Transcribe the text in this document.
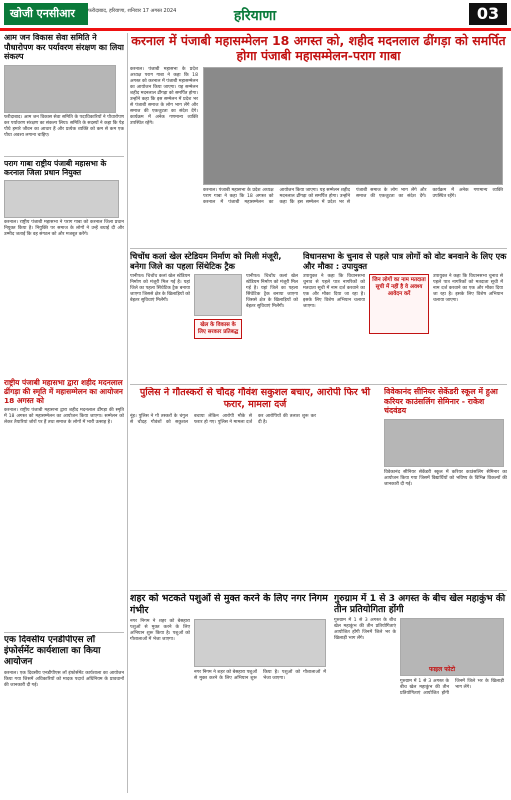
खोजी एनसीआर	फरीदाबाद, हरियाणा, शनिवार 17 अगस्त 2024	हरियाणा	03
आम जन विकास सेवा समिति ने पौधारोपण कर पर्यावरण संरक्षण का लिया संकल्प
फरीदाबाद। आम जन विकास सेवा समिति के पदाधिकारियों ने पौधारोपण कर पर्यावरण संरक्षण का संकल्प लिया। समिति के सदस्यों ने कहा कि पेड़ पौधे हमारे जीवन का आधार हैं और प्रत्येक व्यक्ति को कम से कम एक पौधा अवश्य लगाना चाहिए।
करनाल में पंजाबी महासम्मेलन 18 अगस्त को, शहीद मदनलाल ढींगड़ा को समर्पित होगा पंजाबी महासम्मेलन-पराग गाबा
करनाल। पंजाबी महासभा के प्रदेश अध्यक्ष पराग गाबा ने कहा कि 18 अगस्त को करनाल में पंजाबी महासम्मेलन का आयोजन किया जाएगा। यह सम्मेलन शहीद मदनलाल ढींगड़ा को समर्पित होगा। उन्होंने कहा कि इस सम्मेलन में प्रदेश भर से पंजाबी समाज के लोग भाग लेंगे और समाज की एकजुटता का संदेश देंगे। कार्यक्रम में अनेक गणमान्य व्यक्ति उपस्थित रहेंगे।
करनाल। पंजाबी महासभा के प्रदेश अध्यक्ष पराग गाबा ने कहा कि 18 अगस्त को करनाल में पंजाबी महासम्मेलन का आयोजन किया जाएगा। यह सम्मेलन शहीद मदनलाल ढींगड़ा को समर्पित होगा। उन्होंने कहा कि इस सम्मेलन में प्रदेश भर से पंजाबी समाज के लोग भाग लेंगे और समाज की एकजुटता का संदेश देंगे। कार्यक्रम में अनेक गणमान्य व्यक्ति उपस्थित रहेंगे।
पराग गाबा राष्ट्रीय पंजाबी महासभा के करनाल जिला प्रधान नियुक्त
करनाल। राष्ट्रीय पंजाबी महासभा ने पराग गाबा को करनाल जिला प्रधान नियुक्त किया है। नियुक्ति पर समाज के लोगों ने उन्हें बधाई दी और उम्मीद जताई कि वह संगठन को और मजबूत करेंगे।
चिचोंध कलां खेल स्टेडियम निर्माण को मिली मंजूरी, बनेगा जिले का पहला सिंथेटिक ट्रैक
पानीपत। चिचोंध कलां खेल स्टेडियम निर्माण को मंजूरी मिल गई है। यहां जिले का पहला सिंथेटिक ट्रैक बनाया जाएगा जिससे क्षेत्र के खिलाड़ियों को बेहतर सुविधाएं मिलेंगी।
खेल के विकास के लिए सरकार प्रतिबद्ध
पानीपत। चिचोंध कलां खेल स्टेडियम निर्माण को मंजूरी मिल गई है। यहां जिले का पहला सिंथेटिक ट्रैक बनाया जाएगा जिससे क्षेत्र के खिलाड़ियों को बेहतर सुविधाएं मिलेंगी।
विधानसभा के चुनाव से पहले पात्र लोगों को वोट बनवाने के लिए एक और मौका : उपायुक्त
उपायुक्त ने कहा कि विधानसभा चुनाव से पहले पात्र नागरिकों को मतदाता सूची में नाम दर्ज करवाने का एक और मौका दिया जा रहा है। इसके लिए विशेष अभियान चलाया जाएगा।
जिन लोगों का नाम मतदाता सूची में नहीं है वे अवश्य आवेदन करें
उपायुक्त ने कहा कि विधानसभा चुनाव से पहले पात्र नागरिकों को मतदाता सूची में नाम दर्ज करवाने का एक और मौका दिया जा रहा है। इसके लिए विशेष अभियान चलाया जाएगा।
पुलिस ने गौतस्करों से चौदह गौवंश सकुशल बचाए, आरोपी फिर भी फरार, मामला दर्ज
नूंह। पुलिस ने गौ तस्करों के चंगुल से चौदह गौवंशों को सकुशल बचाया लेकिन आरोपी मौके से फरार हो गए। पुलिस ने मामला दर्ज कर आरोपियों की तलाश शुरू कर दी है।
विवेकानंद सीनियर सेकेंडरी स्कूल में हुआ करियर काउंसलिंग सेमिनार - राकेश चंदवंडय
विवेकानंद सीनियर सेकेंडरी स्कूल में करियर काउंसलिंग सेमिनार का आयोजन किया गया जिसमें विद्यार्थियों को भविष्य के विभिन्न विकल्पों की जानकारी दी गई।
राष्ट्रीय पंजाबी महासभा द्वारा शहीद मदनलाल ढींगड़ा की स्मृति में महासम्मेलन का आयोजन 18 अगस्त को
करनाल। राष्ट्रीय पंजाबी महासभा द्वारा शहीद मदनलाल ढींगड़ा की स्मृति में 18 अगस्त को महासम्मेलन का आयोजन किया जाएगा। सम्मेलन को लेकर तैयारियां जोरों पर हैं तथा समाज के लोगों में भारी उत्साह है।
एक दिवसीय एनडीपीएस लॉ इंफोर्समेंट कार्यशाला का किया आयोजन
करनाल। एक दिवसीय एनडीपीएस लॉ इंफोर्समेंट कार्यशाला का आयोजन किया गया जिसमें अधिकारियों को मादक पदार्थ अधिनियम के प्रावधानों की जानकारी दी गई।
शहर को भटकते पशुओं से मुक्त करने के लिए नगर निगम गंभीर
नगर निगम ने शहर को बेसहारा पशुओं से मुक्त करने के लिए अभियान शुरू किया है। पशुओं को गौशालाओं में भेजा जाएगा।
नगर निगम ने शहर को बेसहारा पशुओं से मुक्त करने के लिए अभियान शुरू किया है। पशुओं को गौशालाओं में भेजा जाएगा।
गुरुग्राम में 1 से 3 अगस्त के बीच खेल महाकुंभ की तीन प्रतियोगिता होंगी
गुरुग्राम में 1 से 3 अगस्त के बीच खेल महाकुंभ की तीन प्रतियोगिताएं आयोजित होंगी जिनमें जिले भर के खिलाड़ी भाग लेंगे।
फाइल फोटो
गुरुग्राम में 1 से 3 अगस्त के बीच खेल महाकुंभ की तीन प्रतियोगिताएं आयोजित होंगी जिनमें जिले भर के खिलाड़ी भाग लेंगे।
